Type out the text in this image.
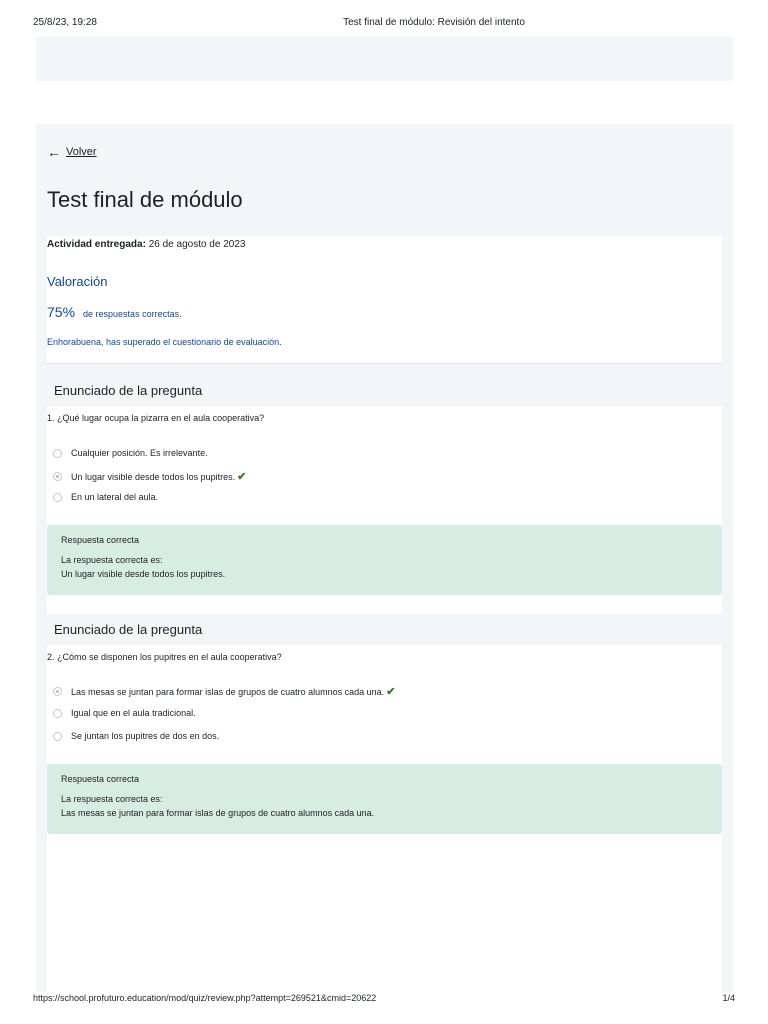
25/8/23, 19:28	Test final de módulo: Revisión del intento
← Volver
Test final de módulo
Actividad entregada: 26 de agosto de 2023
Valoración
75% de respuestas correctas.
Enhorabuena, has superado el cuestionario de evaluación.
Enunciado de la pregunta
1. ¿Qué lugar ocupa la pizarra en el aula cooperativa?
Cualquier posición. Es irrelevante.
Un lugar visible desde todos los pupitres. ✔
En un lateral del aula.
Respuesta correcta
La respuesta correcta es:
Un lugar visible desde todos los pupitres.
Enunciado de la pregunta
2. ¿Cómo se disponen los pupitres en el aula cooperativa?
Las mesas se juntan para formar islas de grupos de cuatro alumnos cada una. ✔
Igual que en el aula tradicional.
Se juntan los pupitres de dos en dos.
Respuesta correcta
La respuesta correcta es:
Las mesas se juntan para formar islas de grupos de cuatro alumnos cada una.
https://school.profuturo.education/mod/quiz/review.php?attempt=269521&cmid=20622	1/4
